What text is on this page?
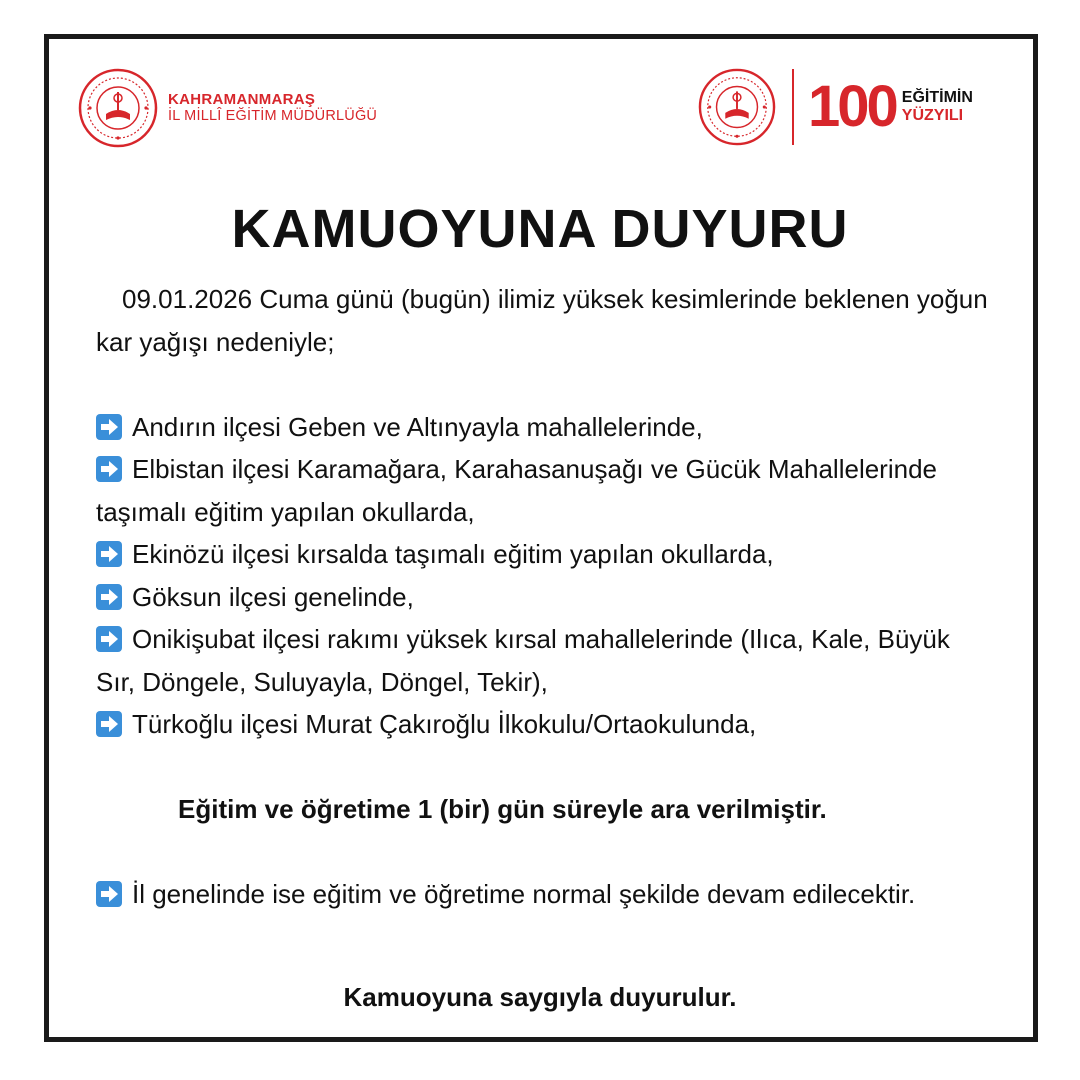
KAHRAMANMARAŞ
İL MİLLÎ EĞİTİM MÜDÜRLÜĞÜ	100 EĞİTİMİN
YÜZYILI
KAMUOYUNA DUYURU

09.01.2026 Cuma günü (bugün) ilimiz yüksek kesimlerinde beklenen yoğun kar yağışı nedeniyle;

Andırın ilçesi Geben ve Altınyayla mahallelerinde,

Elbistan ilçesi Karamağara, Karahasanuşağı ve Gücük Mahallelerinde taşımalı eğitim yapılan okullarda,

Ekinözü ilçesi kırsalda taşımalı eğitim yapılan okullarda,

Göksun ilçesi genelinde,

Onikişubat ilçesi rakımı yüksek kırsal mahallelerinde (Ilıca, Kale, Büyük Sır, Döngele, Suluyayla, Döngel, Tekir),

Türkoğlu ilçesi Murat Çakıroğlu İlkokulu/Ortaokulunda,

Eğitim ve öğretime 1 (bir) gün süreyle ara verilmiştir.

İl genelinde ise eğitim ve öğretime normal şekilde devam edilecektir.

Kamuoyuna saygıyla duyurulur.
